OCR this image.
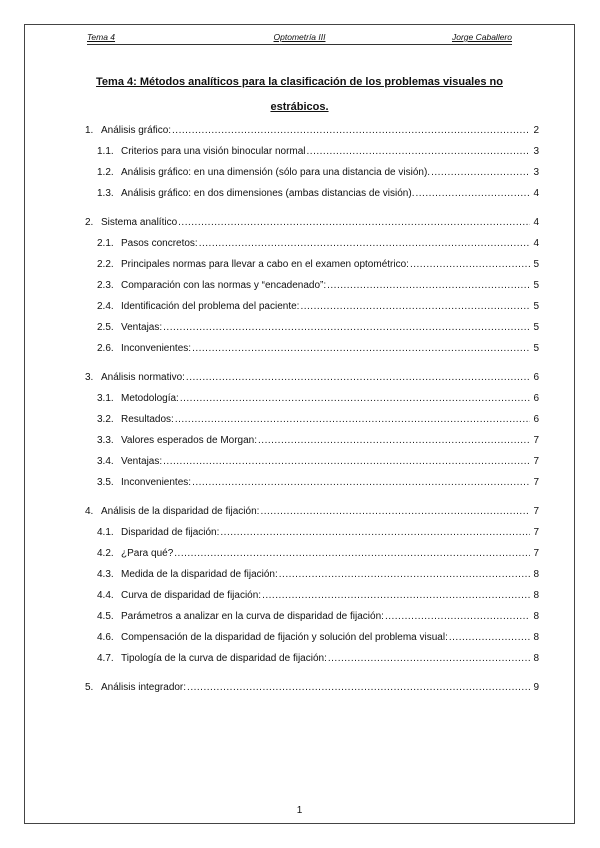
Tema 4	Optometría III	Jorge Caballero
Tema 4: Métodos analíticos para la clasificación de los problemas visuales no estrábicos.
1. Análisis gráfico: .....	2
1.1. Criterios para una visión binocular normal .....	3
1.2. Análisis gráfico: en una dimensión (sólo para una distancia de visión). .....	3
1.3. Análisis gráfico: en dos dimensiones (ambas distancias de visión). .....	4
2. Sistema analítico .....	4
2.1. Pasos concretos: .....	4
2.2. Principales normas para llevar a cabo en el examen optométrico: .....	5
2.3. Comparación con las normas y “encadenado”: .....	5
2.4. Identificación del problema del paciente: .....	5
2.5. Ventajas: .....	5
2.6. Inconvenientes: .....	5
3. Análisis normativo: .....	6
3.1. Metodología: .....	6
3.2. Resultados: .....	6
3.3. Valores esperados de Morgan: .....	7
3.4. Ventajas: .....	7
3.5. Inconvenientes: .....	7
4. Análisis de la disparidad de fijación: .....	7
4.1. Disparidad de fijación: .....	7
4.2. ¿Para qué? .....	7
4.3. Medida de la disparidad de fijación: .....	8
4.4. Curva de disparidad de fijación: .....	8
4.5. Parámetros a analizar en la curva de disparidad de fijación: .....	8
4.6. Compensación de la disparidad de fijación y solución del problema visual: .....	8
4.7. Tipología de la curva de disparidad de fijación: .....	8
5. Análisis integrador: .....	9
1
